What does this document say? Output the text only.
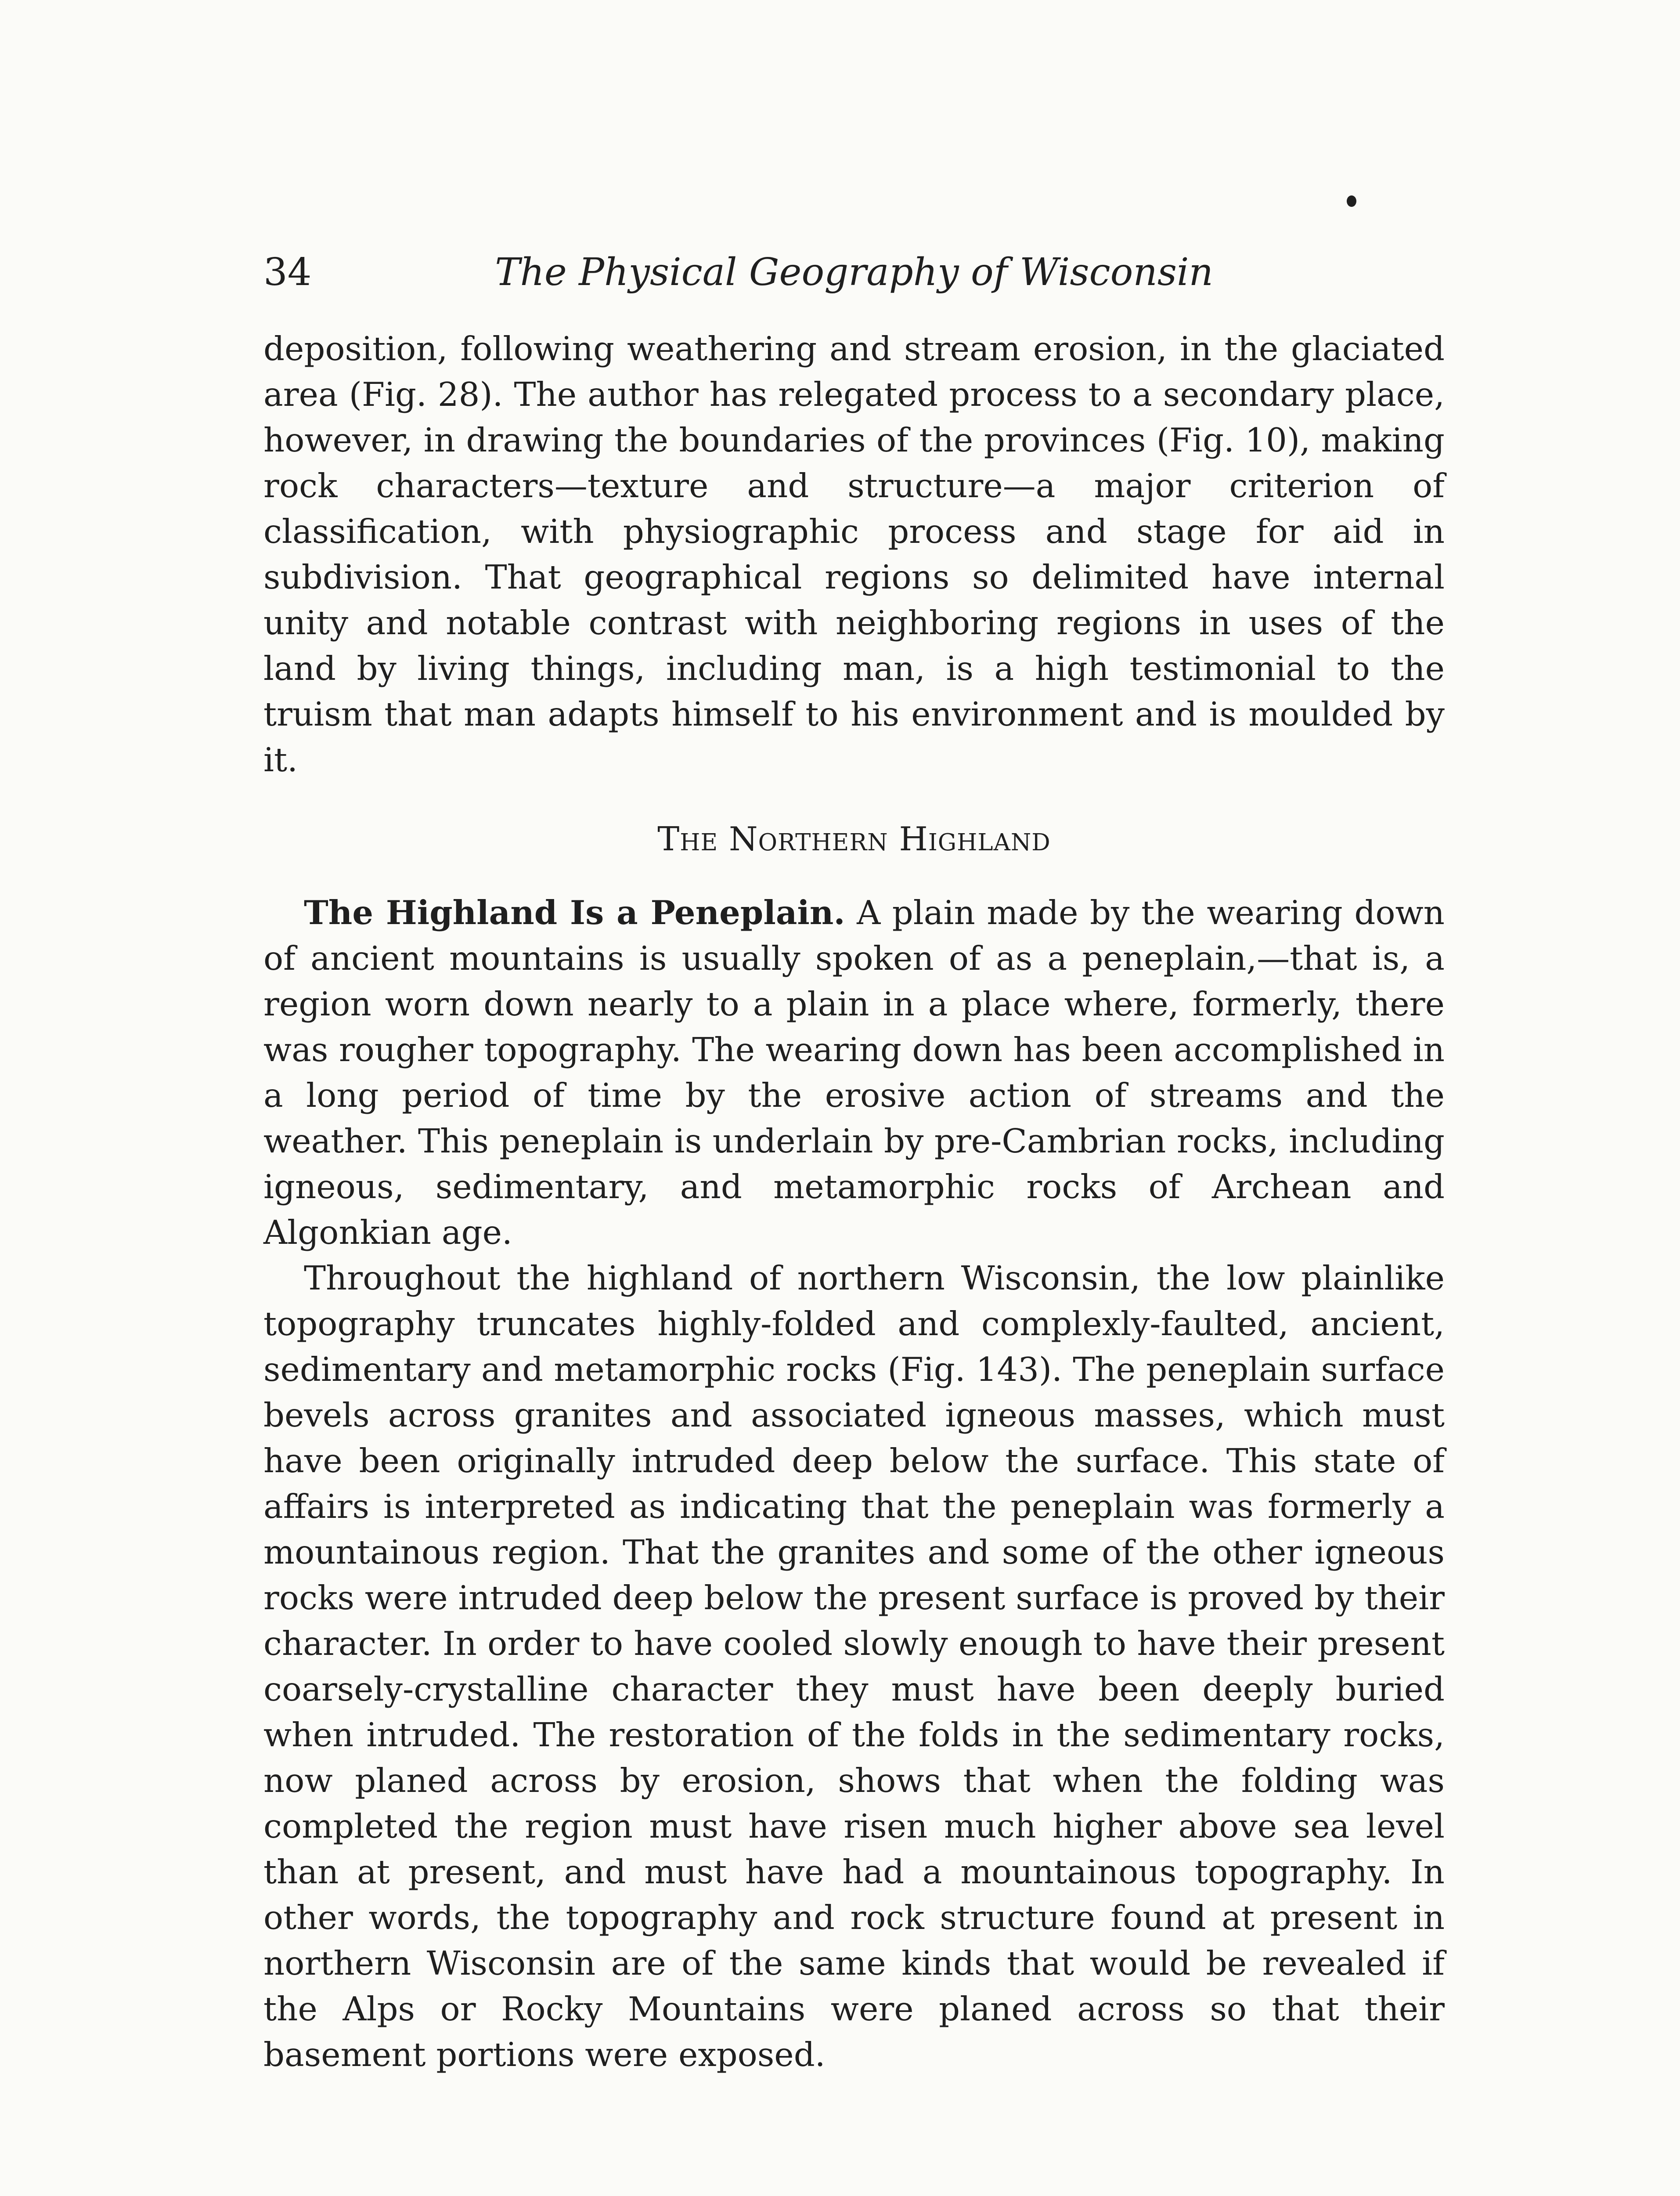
34	The Physical Geography of Wisconsin

deposition, following weathering and stream erosion, in the glaciated area (Fig. 28). The author has relegated process to a secondary place, however, in drawing the boundaries of the provinces (Fig. 10), making rock characters—texture and structure—a major criterion of classification, with physiographic process and stage for aid in subdivision. That geographical regions so delimited have internal unity and notable contrast with neighboring regions in uses of the land by living things, including man, is a high testimonial to the truism that man adapts himself to his environment and is moulded by it.

The Northern Highland

The Highland Is a Peneplain. A plain made by the wearing down of ancient mountains is usually spoken of as a peneplain,—that is, a region worn down nearly to a plain in a place where, formerly, there was rougher topography. The wearing down has been accomplished in a long period of time by the erosive action of streams and the weather. This peneplain is underlain by pre-Cambrian rocks, including igneous, sedimentary, and metamorphic rocks of Archean and Algonkian age.

Throughout the highland of northern Wisconsin, the low plainlike topography truncates highly-folded and complexly-faulted, ancient, sedimentary and metamorphic rocks (Fig. 143). The peneplain surface bevels across granites and associated igneous masses, which must have been originally intruded deep below the surface. This state of affairs is interpreted as indicating that the peneplain was formerly a mountainous region. That the granites and some of the other igneous rocks were intruded deep below the present surface is proved by their character. In order to have cooled slowly enough to have their present coarsely-crystalline character they must have been deeply buried when intruded. The restoration of the folds in the sedimentary rocks, now planed across by erosion, shows that when the folding was completed the region must have risen much higher above sea level than at present, and must have had a mountainous topography. In other words, the topography and rock structure found at present in northern Wisconsin are of the same kinds that would be revealed if the Alps or Rocky Mountains were planed across so that their basement portions were exposed.
